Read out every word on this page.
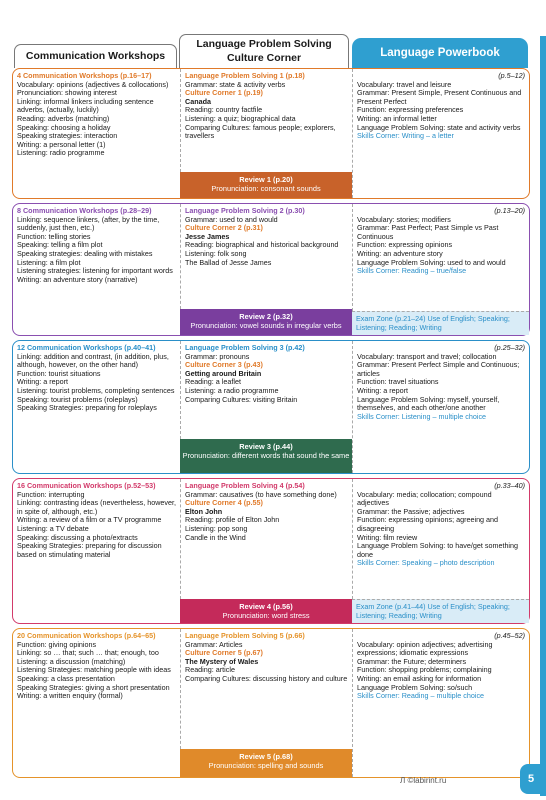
Communication Workshops
Language Problem Solving
Culture Corner	Language Powerbook
4 Communication Workshops (p.16–17)
Vocabulary: opinions (adjectives & collocations)
Pronunciation: showing interest
Linking: informal linkers including sentence adverbs, (actually, luckily)
Reading: adverbs (matching)
Speaking: choosing a holiday
Speaking strategies: interaction
Writing: a personal letter (1)
Listening: radio programme
Language Problem Solving 1 (p.18)
Grammar: state & activity verbs
Culture Corner 1 (p.19)
Canada
Reading: country factfile
Listening: a quiz; biographical data
Comparing Cultures: famous people; explorers, travellers
(p.5–12)
Vocabulary: travel and leisure
Grammar: Present Simple, Present Continuous and Present Perfect
Function: expressing preferences
Writing: an informal letter
Language Problem Solving: state and activity verbs
Skills Corner: Writing – a letter
Review 1 (p.20)
Pronunciation: consonant sounds
8 Communication Workshops (p.28–29)
Linking: sequence linkers, (after, by the time, suddenly, just then, etc.)
Function: telling stories
Speaking: telling a film plot
Speaking strategies: dealing with mistakes
Listening: a film plot
Listening strategies: listening for important words
Writing: an adventure story (narrative)
Language Problem Solving 2 (p.30)
Grammar: used to and would
Culture Corner 2 (p.31)
Jesse James
Reading: biographical and historical background
Listening: folk song
The Ballad of Jesse James
(p.13–20)
Vocabulary: stories; modifiers
Grammar: Past Perfect; Past Simple vs Past Continuous
Function: expressing opinions
Writing: an adventure story
Language Problem Solving: used to and would
Skills Corner: Reading – true/false
Review 2 (p.32)
Pronunciation: vowel sounds in irregular verbs
Exam Zone (p.21–24) Use of English; Speaking; Listening; Reading; Writing
12 Communication Workshops (p.40–41)
Linking: addition and contrast, (in addition, plus, although, however, on the other hand)
Function: tourist situations
Writing: a report
Listening: tourist problems, completing sentences
Speaking: tourist problems (roleplays)
Speaking Strategies: preparing for roleplays
Language Problem Solving 3 (p.42)
Grammar: pronouns
Culture Corner 3 (p.43)
Getting around Britain
Reading: a leaflet
Listening: a radio programme
Comparing Cultures: visiting Britain
(p.25–32)
Vocabulary: transport and travel; collocation
Grammar: Present Perfect Simple and Continuous; articles
Function: travel situations
Writing: a report
Language Problem Solving: myself, yourself, themselves, and each other/one another
Skills Corner: Listening – multiple choice
Review 3 (p.44)
Pronunciation: different words that sound the same
16 Communication Workshops (p.52–53)
Function: interrupting
Linking: contrasting ideas (nevertheless, however, in spite of, although, etc.)
Writing: a review of a film or a TV programme
Listening: a TV debate
Speaking: discussing a photo/extracts
Speaking Strategies: preparing for discussion based on stimulating material
Language Problem Solving 4 (p.54)
Grammar: causatives (to have something done)
Culture Corner 4 (p.55)
Elton John
Reading: profile of Elton John
Listening: pop song
Candle in the Wind
(p.33–40)
Vocabulary: media; collocation; compound adjectives
Grammar: the Passive; adjectives
Function: expressing opinions; agreeing and disagreeing
Writing: film review
Language Problem Solving: to have/get something done
Skills Corner: Speaking – photo description
Review 4 (p.56)
Pronunciation: word stress
Exam Zone (p.41–44) Use of English; Speaking; Listening; Reading; Writing
20 Communication Workshops (p.64–65)
Function: giving opinions
Linking: so … that; such … that; enough, too
Listening: a discussion (matching)
Listening Strategies: matching people with ideas
Speaking: a class presentation
Speaking Strategies: giving a short presentation
Writing: a written enquiry (formal)
Language Problem Solving 5 (p.66)
Grammar: Articles
Culture Corner 5 (p.67)
The Mystery of Wales
Reading: article
Comparing Cultures: discussing history and culture
(p.45–52)
Vocabulary: opinion adjectives; advertising expressions; idiomatic expressions
Grammar: the Future; determiners
Function: shopping problems; complaining
Writing: an email asking for information
Language Problem Solving: so/such
Skills Corner: Reading – multiple choice
Review 5 (p.68)
Pronunciation: spelling and sounds
5
Л ©labirint.ru
